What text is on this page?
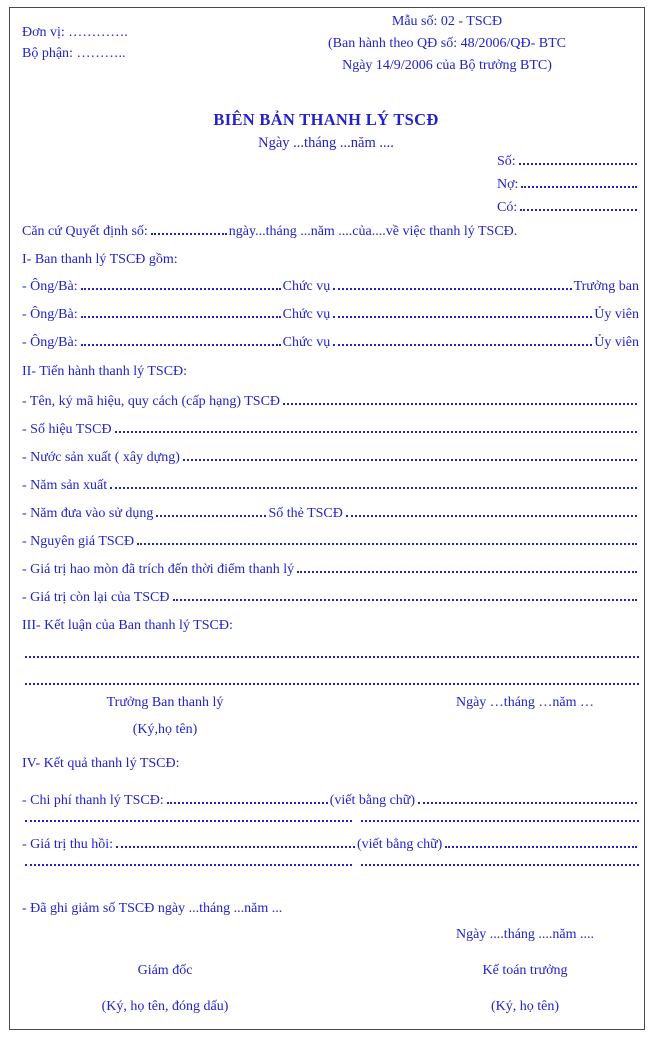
Đơn vị: ………….
Bộ phận: ………..
Mẫu số: 02 - TSCĐ
(Ban hành theo QĐ số: 48/2006/QĐ- BTC
Ngày 14/9/2006 của Bộ trưởng BTC)
BIÊN BẢN THANH LÝ TSCĐ
Ngày ...tháng ...năm ....
Số:
Nợ:
Có:
Căn cứ Quyết định số:	ngày...tháng ...năm ....của....về việc thanh lý TSCĐ.
I- Ban thanh lý TSCĐ gồm:
- Ông/Bà:	Chức vụ	Trưởng ban
- Ông/Bà:	Chức vụ	Ủy viên
- Ông/Bà:	Chức vụ	Ủy viên
II- Tiến hành thanh lý TSCĐ:
- Tên, ký mã hiệu, quy cách (cấp hạng) TSCĐ
- Số hiệu TSCĐ
- Nước sản xuất ( xây dựng)
- Năm sản xuất
- Năm đưa vào sử dụng	Số thẻ TSCĐ
- Nguyên giá TSCĐ
- Giá trị hao mòn đã trích đến thời điểm thanh lý
- Giá trị còn lại của TSCĐ
III- Kết luận của Ban thanh lý TSCĐ:
Trưởng Ban thanh lý
(Ký,họ tên)
Ngày …tháng …năm …
IV- Kết quả thanh lý TSCĐ:
- Chi phí thanh lý TSCĐ:	(viết bằng chữ)
- Giá trị thu hồi:	(viết bằng chữ)
- Đã ghi giảm số TSCĐ ngày ...tháng ...năm ...
Ngày ....tháng ....năm ....
Giám đốc
(Ký, họ tên, đóng dấu)
Kế toán trưởng
(Ký, họ tên)
